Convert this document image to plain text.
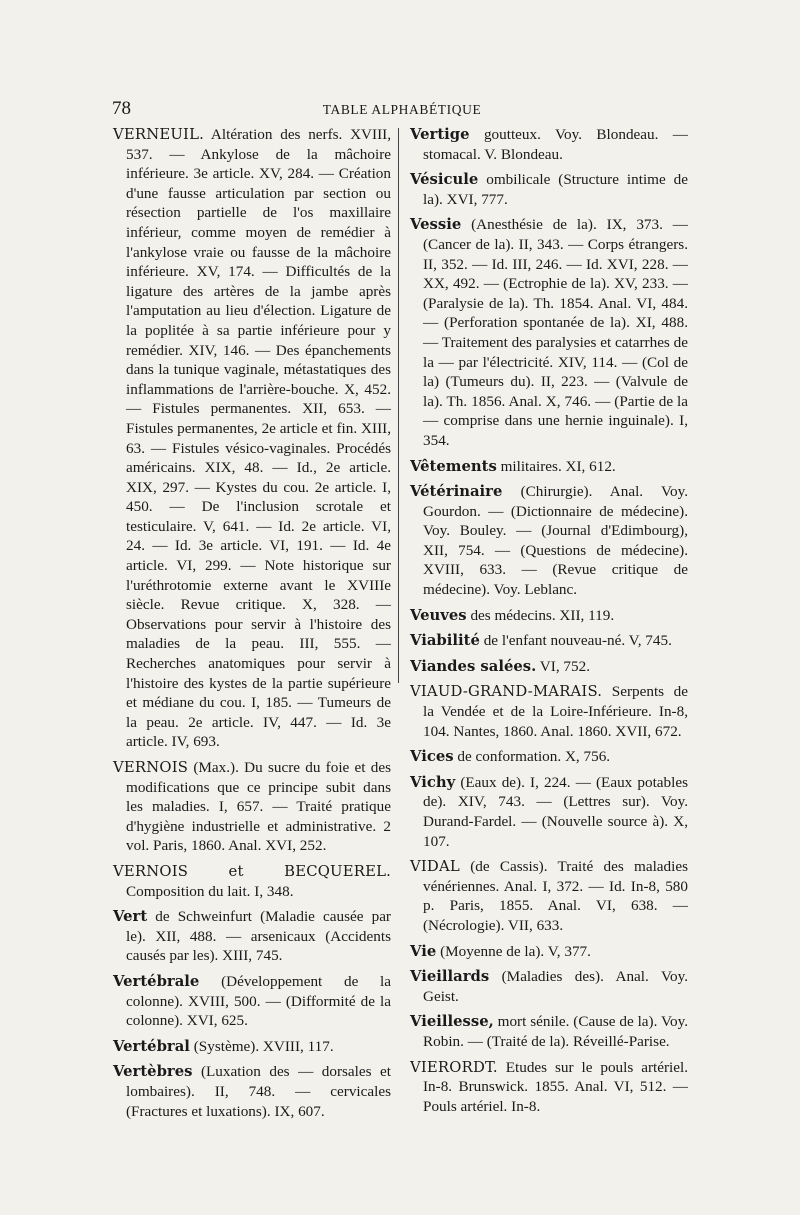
78	TABLE ALPHABÉTIQUE

VERNEUIL. Altération des nerfs. XVIII, 537. — Ankylose de la mâchoire inférieure. 3e article. XV, 284. — Création d'une fausse articulation par section ou résection partielle de l'os maxillaire inférieur, comme moyen de remédier à l'ankylose vraie ou fausse de la mâchoire inférieure. XV, 174. — Difficultés de la ligature des artères de la jambe après l'amputation au lieu d'élection. Ligature de la poplitée à sa partie inférieure pour y remédier. XIV, 146. — Des épanchements dans la tunique vaginale, métastatiques des inflammations de l'arrière-bouche. X, 452. — Fistules permanentes. XII, 653. — Fistules permanentes, 2e article et fin. XIII, 63. — Fistules vésico-vaginales. Procédés américains. XIX, 48. — Id., 2e article. XIX, 297. — Kystes du cou. 2e article. I, 450. — De l'inclusion scrotale et testiculaire. V, 641. — Id. 2e article. VI, 24. — Id. 3e article. VI, 191. — Id. 4e article. VI, 299. — Note historique sur l'uréthrotomie externe avant le XVIIIe siècle. Revue critique. X, 328. — Observations pour servir à l'histoire des maladies de la peau. III, 555. — Recherches anatomiques pour servir à l'histoire des kystes de la partie supérieure et médiane du cou. I, 185. — Tumeurs de la peau. 2e article. IV, 447. — Id. 3e article. IV, 693.

VERNOIS (Max.). Du sucre du foie et des modifications que ce principe subit dans les maladies. I, 657. — Traité pratique d'hygiène industrielle et administrative. 2 vol. Paris, 1860. Anal. XVI, 252.

VERNOIS et BECQUEREL. Composition du lait. I, 348.

Vert de Schweinfurt (Maladie causée par le). XII, 488. — arsenicaux (Accidents causés par les). XIII, 745.

Vertébrale (Développement de la colonne). XVIII, 500. — (Difformité de la colonne). XVI, 625.

Vertébral (Système). XVIII, 117.

Vertèbres (Luxation des — dorsales et lombaires). II, 748. — cervicales (Fractures et luxations). IX, 607.

Vertige goutteux. Voy. Blondeau. — stomacal. V. Blondeau.

Vésicule ombilicale (Structure intime de la). XVI, 777.

Vessie (Anesthésie de la). IX, 373. — (Cancer de la). II, 343. — Corps étrangers. II, 352. — Id. III, 246. — Id. XVI, 228. — XX, 492. — (Ectrophie de la). XV, 233. — (Paralysie de la). Th. 1854. Anal. VI, 484. — (Perforation spontanée de la). XI, 488. — Traitement des paralysies et catarrhes de la — par l'électricité. XIV, 114. — (Col de la) (Tumeurs du). II, 223. — (Valvule de la). Th. 1856. Anal. X, 746. — (Partie de la — comprise dans une hernie inguinale). I, 354.

Vêtements militaires. XI, 612.

Vétérinaire (Chirurgie). Anal. Voy. Gourdon. — (Dictionnaire de médecine). Voy. Bouley. — (Journal d'Edimbourg), XII, 754. — (Questions de médecine). XVIII, 633. — (Revue critique de médecine). Voy. Leblanc.

Veuves des médecins. XII, 119.

Viabilité de l'enfant nouveau-né. V, 745.

Viandes salées. VI, 752.

VIAUD-GRAND-MARAIS. Serpents de la Vendée et de la Loire-Inférieure. In-8, 104. Nantes, 1860. Anal. 1860. XVII, 672.

Vices de conformation. X, 756.

Vichy (Eaux de). I, 224. — (Eaux potables de). XIV, 743. — (Lettres sur). Voy. Durand-Fardel. — (Nouvelle source à). X, 107.

VIDAL (de Cassis). Traité des maladies vénériennes. Anal. I, 372. — Id. In-8, 580 p. Paris, 1855. Anal. VI, 638. — (Nécrologie). VII, 633.

Vie (Moyenne de la). V, 377.

Vieillards (Maladies des). Anal. Voy. Geist.

Vieillesse, mort sénile. (Cause de la). Voy. Robin. — (Traité de la). Réveillé-Parise.

VIERORDT. Etudes sur le pouls artériel. In-8. Brunswick. 1855. Anal. VI, 512. — Pouls artériel. In-8.
